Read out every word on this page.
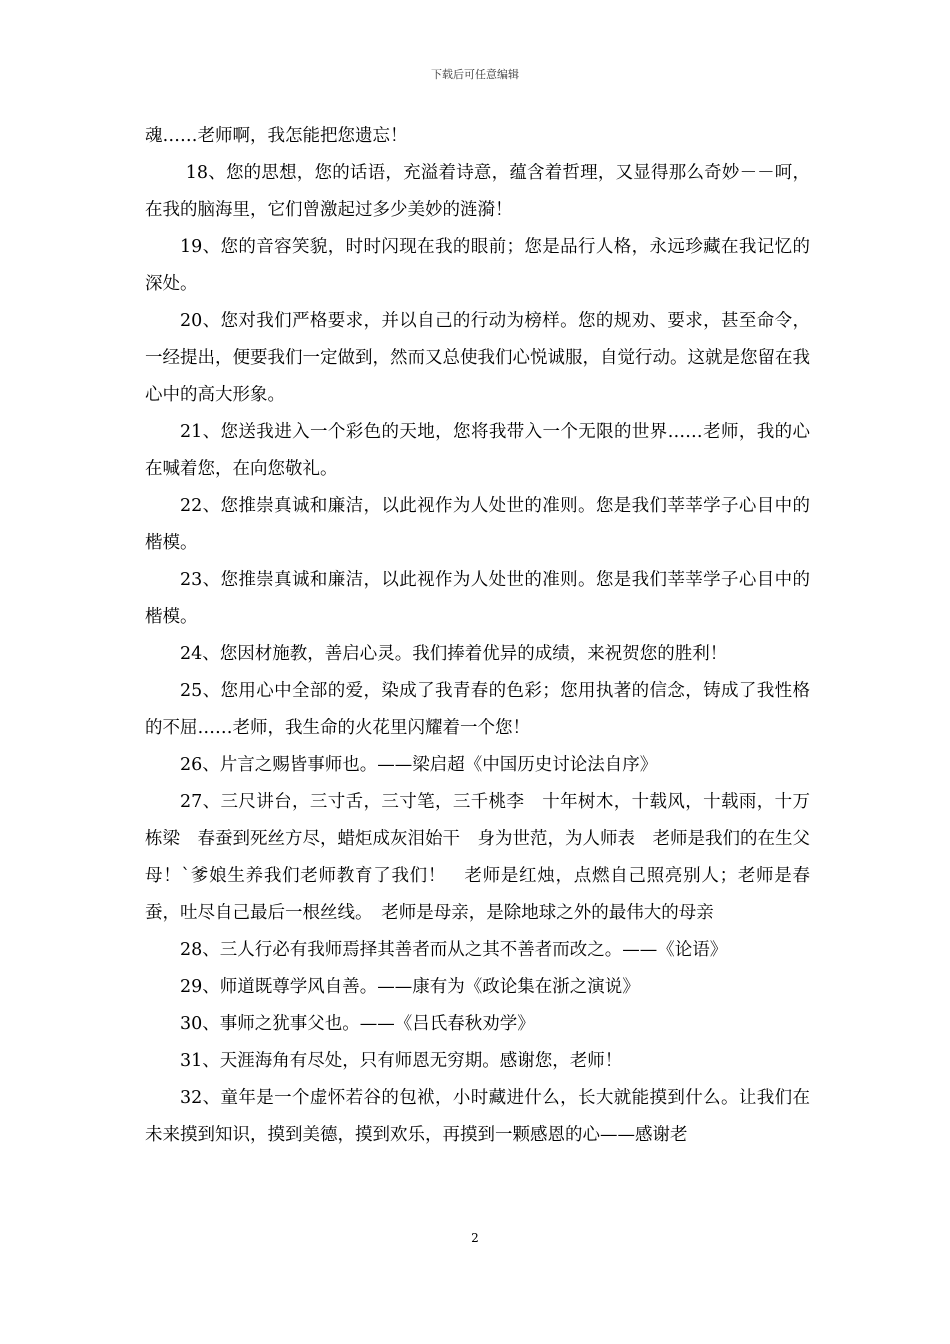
下载后可任意编辑

魂……老师啊，我怎能把您遗忘！

18、您的思想，您的话语，充溢着诗意，蕴含着哲理，又显得那么奇妙－－呵，在我的脑海里，它们曾激起过多少美妙的涟漪！

19、您的音容笑貌，时时闪现在我的眼前；您是品行人格，永远珍藏在我记忆的深处。

20、您对我们严格要求，并以自己的行动为榜样。您的规劝、要求，甚至命令，一经提出，便要我们一定做到，然而又总使我们心悦诚服，自觉行动。这就是您留在我心中的高大形象。

21、您送我进入一个彩色的天地，您将我带入一个无限的世界……老师，我的心在喊着您，在向您敬礼。

22、您推崇真诚和廉洁，以此视作为人处世的准则。您是我们莘莘学子心目中的楷模。

23、您推崇真诚和廉洁，以此视作为人处世的准则。您是我们莘莘学子心目中的楷模。

24、您因材施教，善启心灵。我们捧着优异的成绩，来祝贺您的胜利！

25、您用心中全部的爱，染成了我青春的色彩；您用执著的信念，铸成了我性格的不屈……老师，我生命的火花里闪耀着一个您！

26、片言之赐皆事师也。——梁启超《中国历史讨论法自序》

27、三尺讲台，三寸舌，三寸笔，三千桃李　十年树木，十载风，十载雨，十万栋梁　春蚕到死丝方尽，蜡炬成灰泪始干　身为世范，为人师表　老师是我们的在生父母！`爹娘生养我们老师教育了我们！　老师是红烛，点燃自己照亮别人；老师是春蚕，吐尽自己最后一根丝线。　老师是母亲，是除地球之外的最伟大的母亲

28、三人行必有我师焉择其善者而从之其不善者而改之。——《论语》

29、师道既尊学风自善。——康有为《政论集在浙之演说》

30、事师之犹事父也。——《吕氏春秋劝学》

31、天涯海角有尽处，只有师恩无穷期。感谢您，老师！

32、童年是一个虚怀若谷的包袱，小时藏进什么，长大就能摸到什么。让我们在未来摸到知识，摸到美德，摸到欢乐，再摸到一颗感恩的心——感谢老

2
